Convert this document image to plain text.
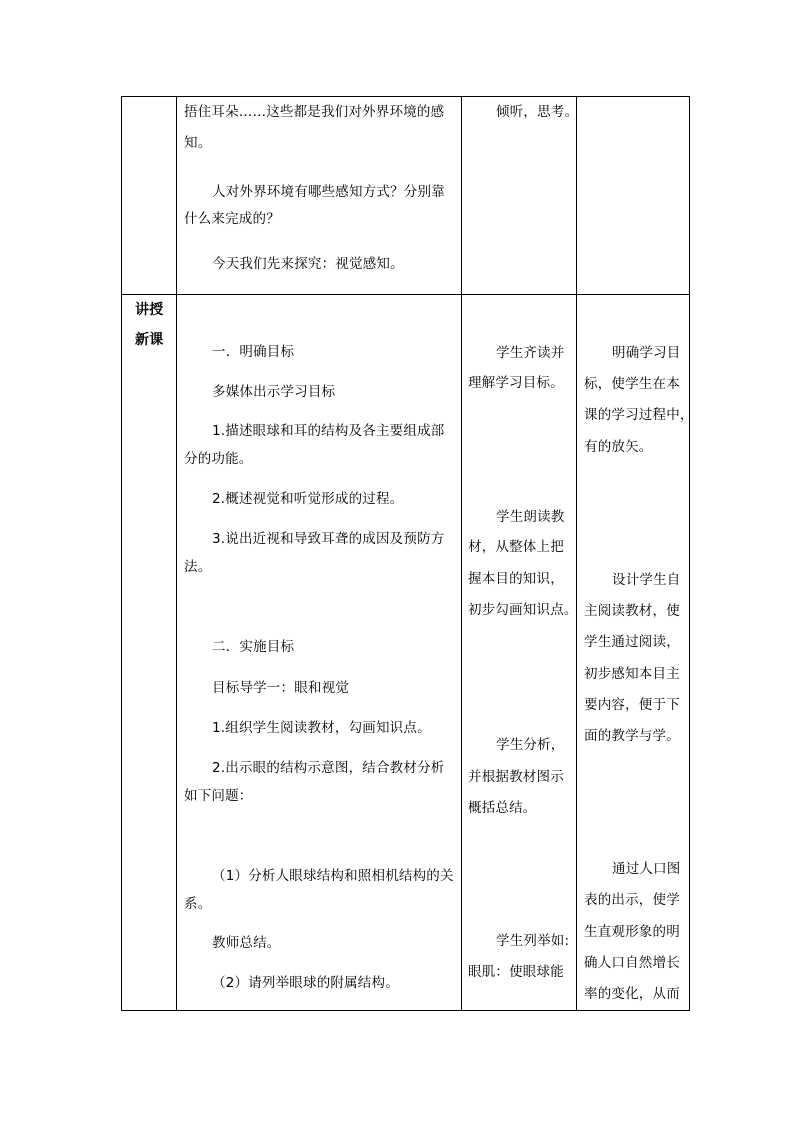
捂住耳朵……这些都是我们对外界环境的感
知。
人对外界环境有哪些感知方式？分别靠
什么来完成的？
今天我们先来探究：视觉感知。
倾听，思考。
讲授
新课
一．明确目标
多媒体出示学习目标
1.描述眼球和耳的结构及各主要组成部
分的功能。
2.概述视觉和听觉形成的过程。
3.说出近视和导致耳聋的成因及预防方
法。
二．实施目标
目标导学一：眼和视觉
1.组织学生阅读教材，勾画知识点。
2.出示眼的结构示意图，结合教材分析
如下问题：
（1）分析人眼球结构和照相机结构的关
系。
教师总结。
（2）请列举眼球的附属结构。
学生齐读并
理解学习目标。
学生朗读教
材，从整体上把
握本目的知识，
初步勾画知识点。
学生分析，
并根据教材图示
概括总结。
学生列举如:
眼肌：使眼球能
明确学习目
标，使学生在本
课的学习过程中，
有的放矢。
设计学生自
主阅读教材，使
学生通过阅读，
初步感知本目主
要内容，便于下
面的教学与学。
通过人口图
表的出示，使学
生直观形象的明
确人口自然增长
率的变化，从而
